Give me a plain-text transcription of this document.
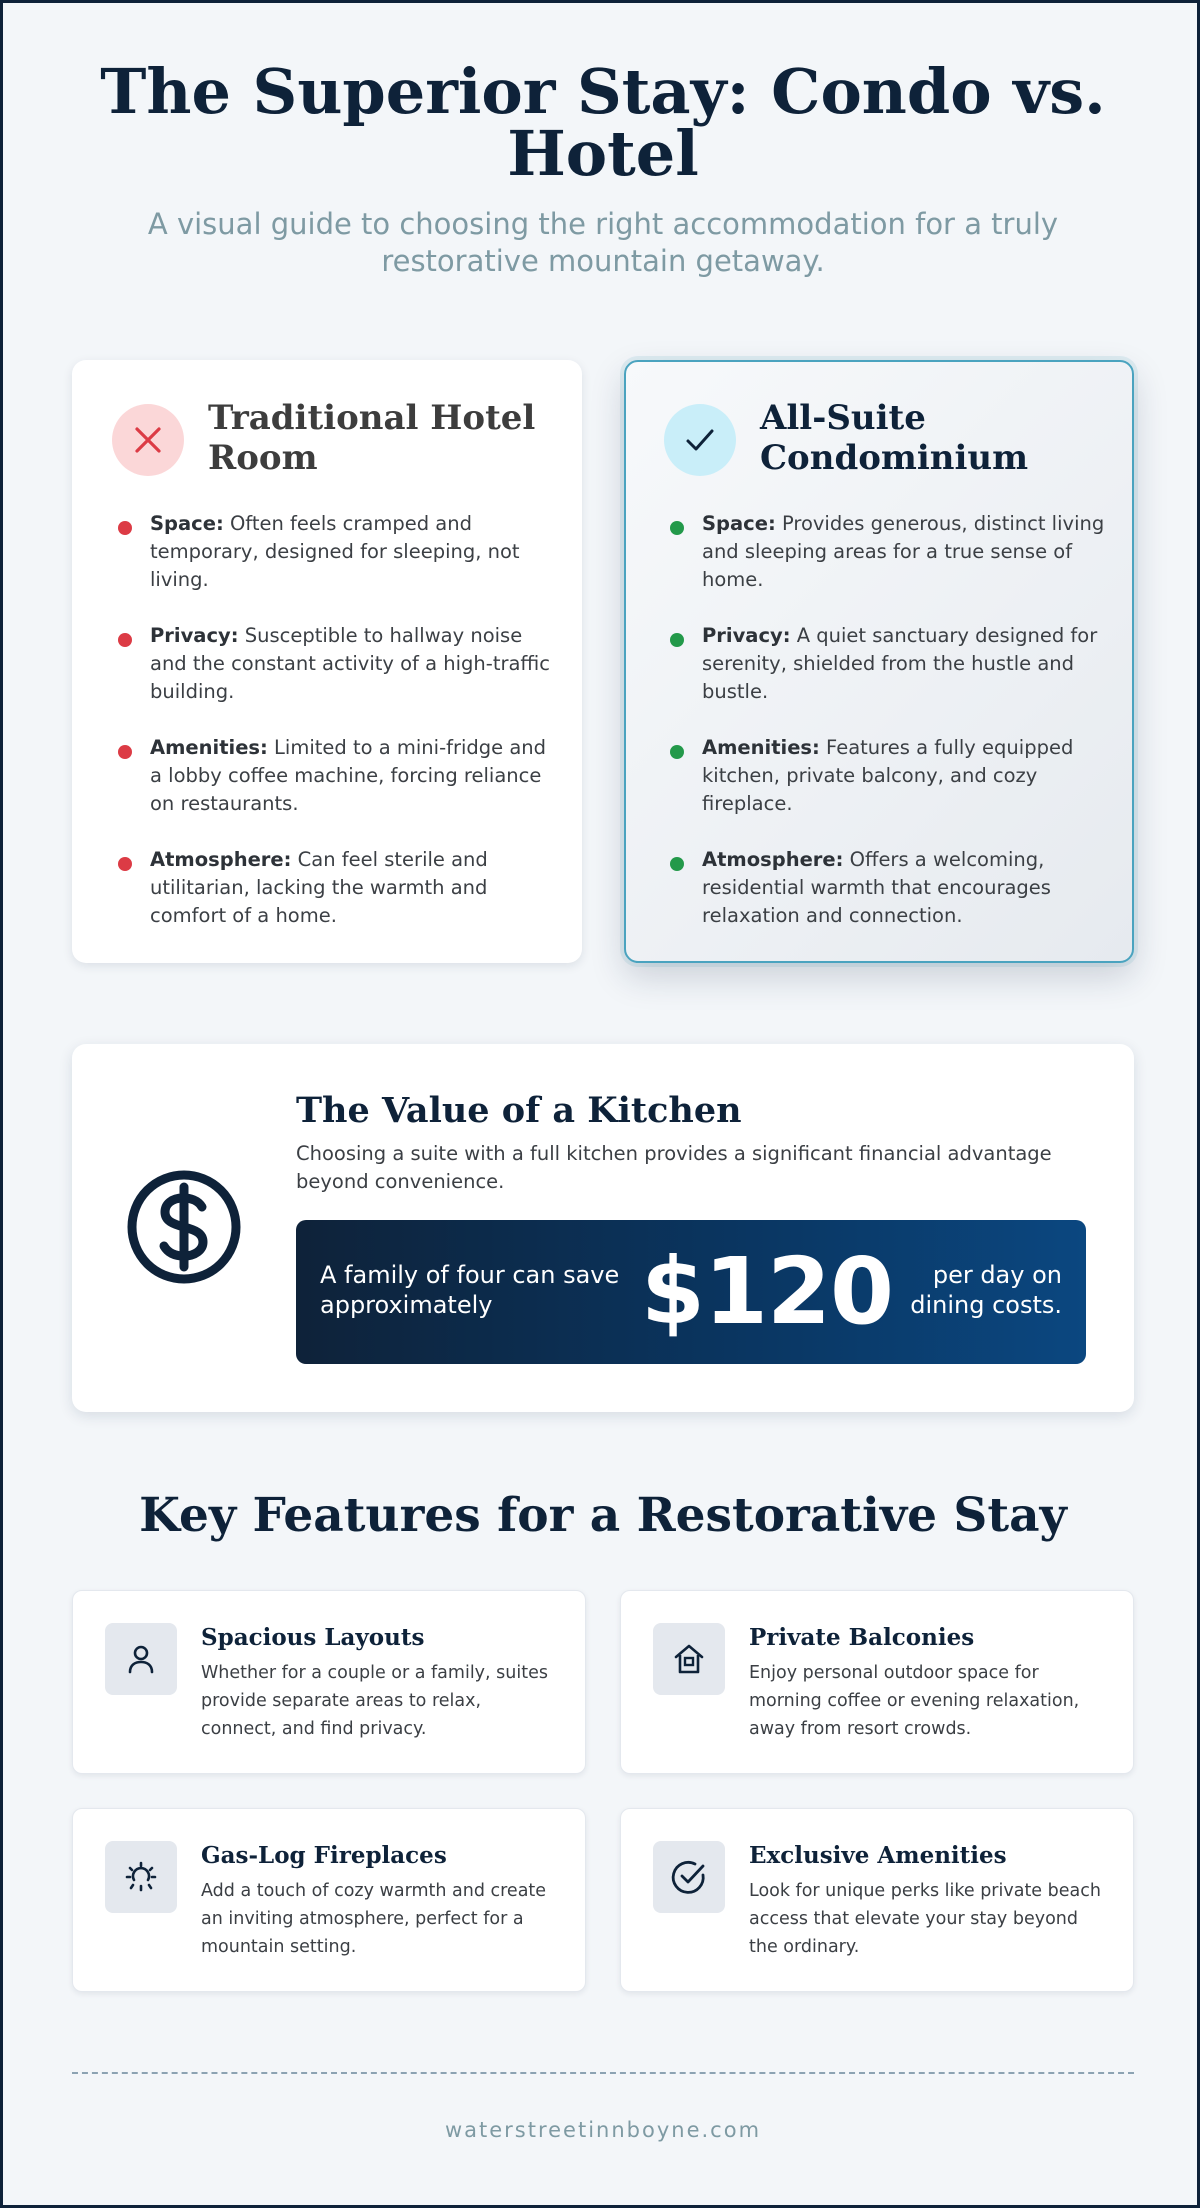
The Superior Stay: Condo vs. Hotel

A visual guide to choosing the right accommodation for a truly restorative mountain getaway.

Traditional Hotel Room
Space: Often feels cramped and temporary, designed for sleeping, not living.
Privacy: Susceptible to hallway noise and the constant activity of a high-traffic building.
Amenities: Limited to a mini-fridge and a lobby coffee machine, forcing reliance on restaurants.
Atmosphere: Can feel sterile and utilitarian, lacking the warmth and comfort of a home.
All-Suite Condominium
Space: Provides generous, distinct living and sleeping areas for a true sense of home.
Privacy: A quiet sanctuary designed for serenity, shielded from the hustle and bustle.
Amenities: Features a fully equipped kitchen, private balcony, and cozy fireplace.
Atmosphere: Offers a welcoming, residential warmth that encourages relaxation and connection.
The Value of a Kitchen

Choosing a suite with a full kitchen provides a significant financial advantage beyond convenience.

A family of four can save approximately	$120	per day on dining costs.
Key Features for a Restorative Stay
Spacious Layouts

Whether for a couple or a family, suites provide separate areas to relax, connect, and find privacy.

Private Balconies

Enjoy personal outdoor space for morning coffee or evening relaxation, away from resort crowds.

Gas-Log Fireplaces

Add a touch of cozy warmth and create an inviting atmosphere, perfect for a mountain setting.

Exclusive Amenities

Look for unique perks like private beach access that elevate your stay beyond the ordinary.

waterstreetinnboyne.com
